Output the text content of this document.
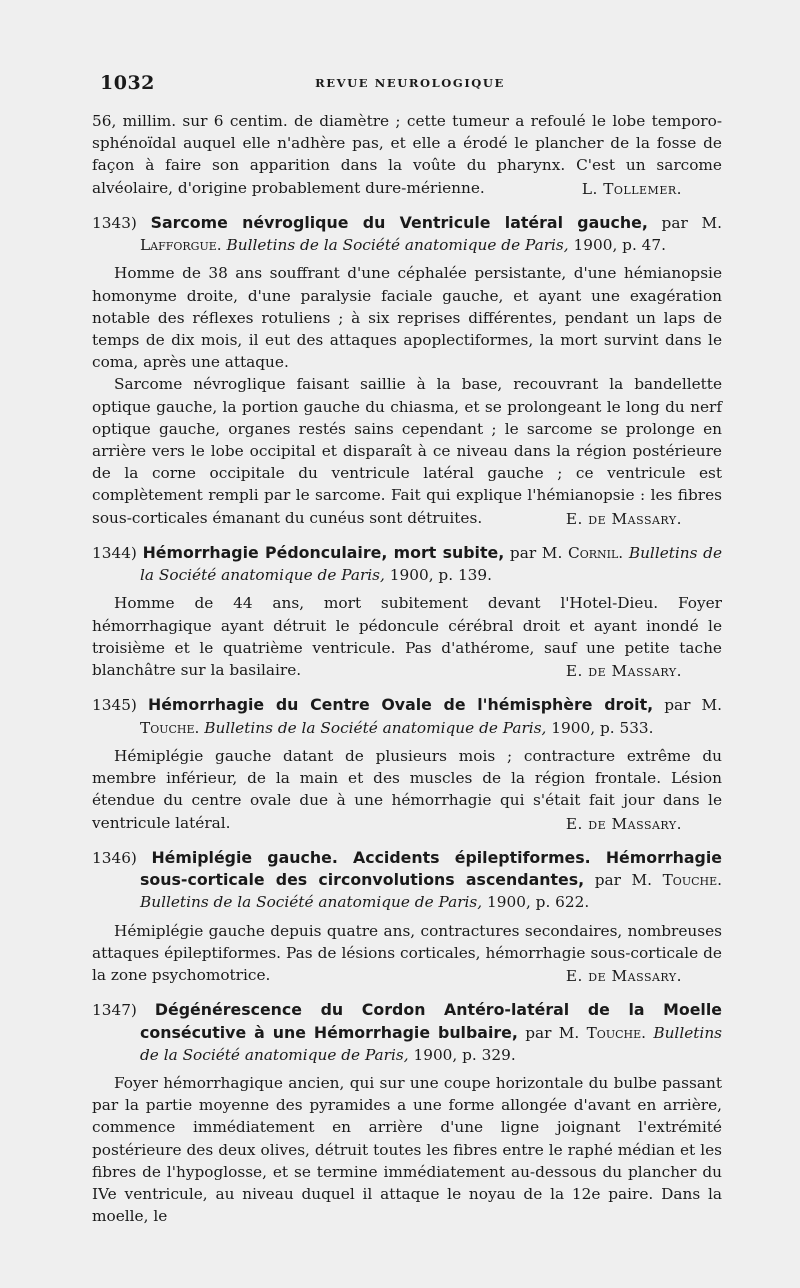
1032	REVUE NEUROLOGIQUE

56, millim. sur 6 centim. de diamètre ; cette tumeur a refoulé le lobe temporo-sphénoïdal auquel elle n'adhère pas, et elle a érodé le plancher de la fosse de façon à faire son apparition dans la voûte du pharynx. C'est un sarcome alvéolaire, d'origine probablement dure-mérienne.	L. Tollemer.

1343) Sarcome névroglique du Ventricule latéral gauche, par M. Lafforgue. Bulletins de la Société anatomique de Paris, 1900, p. 47.

Homme de 38 ans souffrant d'une céphalée persistante, d'une hémianopsie homonyme droite, d'une paralysie faciale gauche, et ayant une exagération notable des réflexes rotuliens ; à six reprises différentes, pendant un laps de temps de dix mois, il eut des attaques apoplectiformes, la mort survint dans le coma, après une attaque.

Sarcome névroglique faisant saillie à la base, recouvrant la bandellette optique gauche, la portion gauche du chiasma, et se prolongeant le long du nerf optique gauche, organes restés sains cependant ; le sarcome se prolonge en arrière vers le lobe occipital et disparaît à ce niveau dans la région postérieure de la corne occipitale du ventricule latéral gauche ; ce ventricule est complètement rempli par le sarcome. Fait qui explique l'hémianopsie : les fibres sous-corticales émanant du cunéus sont détruites.	E. de Massary.

1344) Hémorrhagie Pédonculaire, mort subite, par M. Cornil. Bulletins de la Société anatomique de Paris, 1900, p. 139.

Homme de 44 ans, mort subitement devant l'Hotel-Dieu. Foyer hémorrhagique ayant détruit le pédoncule cérébral droit et ayant inondé le troisième et le quatrième ventricule. Pas d'athérome, sauf une petite tache blanchâtre sur la basilaire.	E. de Massary.

1345) Hémorrhagie du Centre Ovale de l'hémisphère droit, par M. Touche. Bulletins de la Société anatomique de Paris, 1900, p. 533.

Hémiplégie gauche datant de plusieurs mois ; contracture extrême du membre inférieur, de la main et des muscles de la région frontale. Lésion étendue du centre ovale due à une hémorrhagie qui s'était fait jour dans le ventricule latéral.	E. de Massary.

1346) Hémiplégie gauche. Accidents épileptiformes. Hémorrhagie sous-corticale des circonvolutions ascendantes, par M. Touche. Bulletins de la Société anatomique de Paris, 1900, p. 622.

Hémiplégie gauche depuis quatre ans, contractures secondaires, nombreuses attaques épileptiformes. Pas de lésions corticales, hémorrhagie sous-corticale de la zone psychomotrice.	E. de Massary.

1347) Dégénérescence du Cordon Antéro-latéral de la Moelle consécutive à une Hémorrhagie bulbaire, par M. Touche. Bulletins de la Société anatomique de Paris, 1900, p. 329.

Foyer hémorrhagique ancien, qui sur une coupe horizontale du bulbe passant par la partie moyenne des pyramides a une forme allongée d'avant en arrière, commence immédiatement en arrière d'une ligne joignant l'extrémité postérieure des deux olives, détruit toutes les fibres entre le raphé médian et les fibres de l'hypoglosse, et se termine immédiatement au-dessous du plancher du IVe ventricule, au niveau duquel il attaque le noyau de la 12e paire. Dans la moelle, le
